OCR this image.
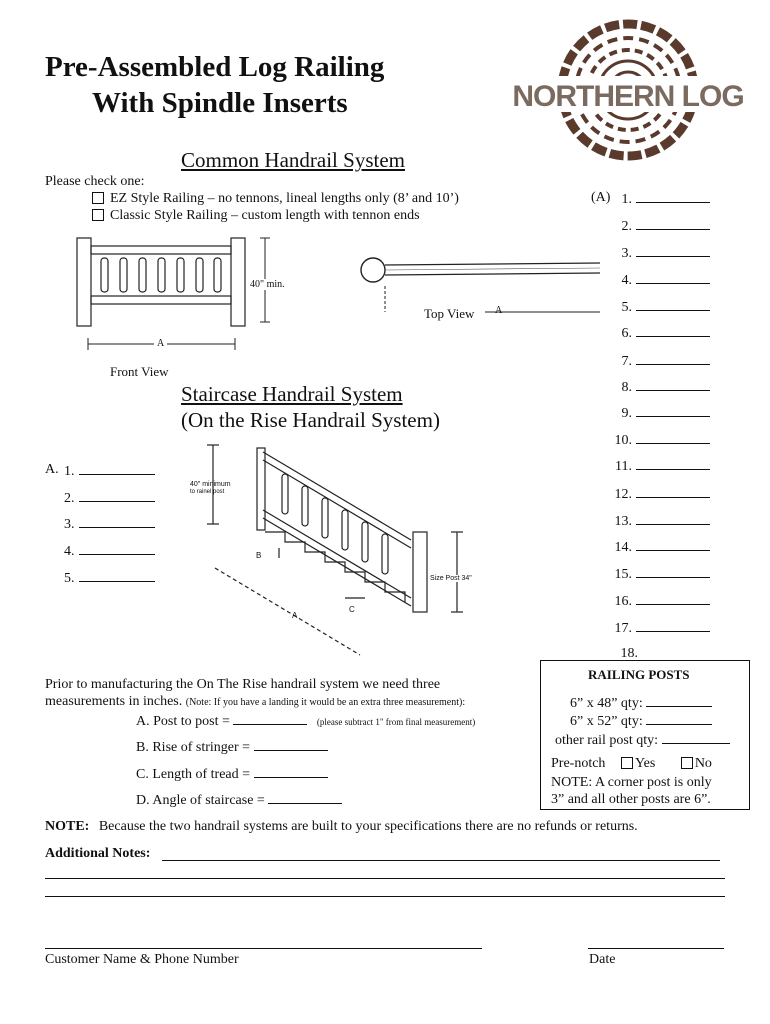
Pre-Assembled Log Railing
With Spindle Inserts	NORTHERN LOG
Common Handrail System
Please check one:
EZ Style Railing – no tennons, lineal lengths only (8’ and 10’)
Classic Style Railing – custom length with tennon ends
40" min.
A
Front View
Top View A
(A) 1.
2.
3.
4.
5.
6.
7.
8.
9.
10.
11.
12.
13.
14.
15.
16.
17.
18.
Staircase Handrail System
(On the Rise Handrail System)
A. 1.
2.
3.
4.
5.
40" minimum
to rainel post
Size Post 34"
B
C
A
Prior to manufacturing the On The Rise handrail system we need three
measurements in inches. (Note: If you have a landing it would be an extra three measurement):
A. Post to post =	(please subtract 1" from final measurement)
B. Rise of stringer =
C. Length of tread =
D. Angle of staircase =
RAILING POSTS
6” x 48” qty:
6” x 52” qty:
other rail post qty:
Pre-notch Yes	No
NOTE: A corner post is only
3” and all other posts are 6”.
NOTE: Because the two handrail systems are built to your specifications there are no refunds or returns.
Additional Notes:
Customer Name & Phone Number	Date
